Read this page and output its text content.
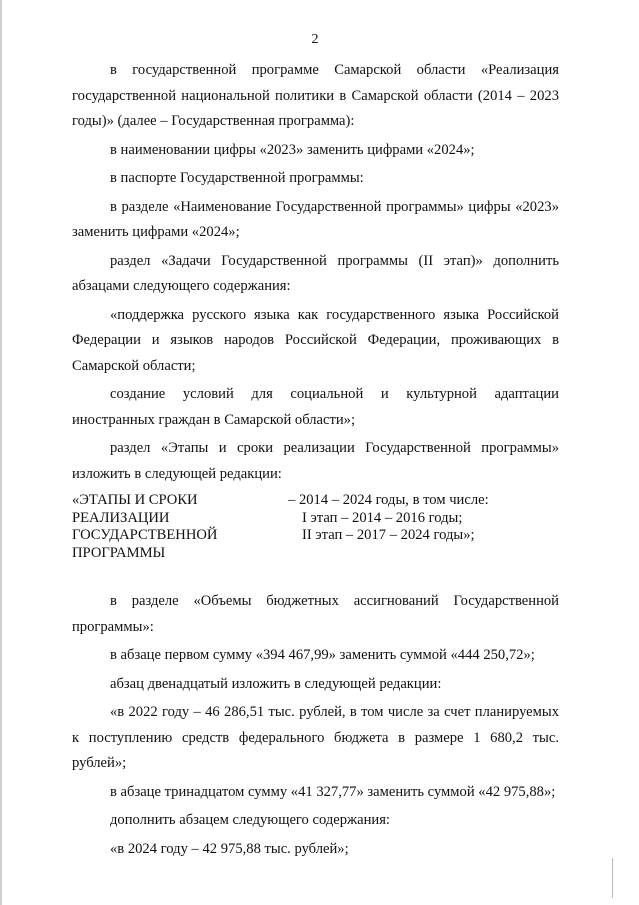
2

в государственной программе Самарской области «Реализация государственной национальной политики в Самарской области (2014 – 2023 годы)» (далее – Государственная программа):

в наименовании цифры «2023» заменить цифрами «2024»;

в паспорте Государственной программы:

в разделе «Наименование Государственной программы» цифры «2023» заменить цифрами «2024»;

раздел «Задачи Государственной программы (II этап)» дополнить абзацами следующего содержания:

«поддержка русского языка как государственного языка Российской Федерации и языков народов Российской Федерации, проживающих в Самарской области;

создание условий для социальной и культурной адаптации иностранных граждан в Самарской области»;

раздел «Этапы и сроки реализации Государственной программы» изложить в следующей редакции:

«ЭТАПЫ И СРОКИ
РЕАЛИЗАЦИИ
ГОСУДАРСТВЕННОЙ
ПРОГРАММЫ
– 2014 – 2024 годы, в том числе:
I этап – 2014 – 2016 годы;
II этап – 2017 – 2024 годы»;

в разделе «Объемы бюджетных ассигнований Государственной программы»:

в абзаце первом сумму «394 467,99» заменить суммой «444 250,72»;

абзац двенадцатый изложить в следующей редакции:

«в 2022 году – 46 286,51 тыс. рублей, в том числе за счет планируемых к поступлению средств федерального бюджета в размере 1 680,2 тыс. рублей»;

в абзаце тринадцатом сумму «41 327,77» заменить суммой «42 975,88»;

дополнить абзацем следующего содержания:

«в 2024 году – 42 975,88 тыс. рублей»;
